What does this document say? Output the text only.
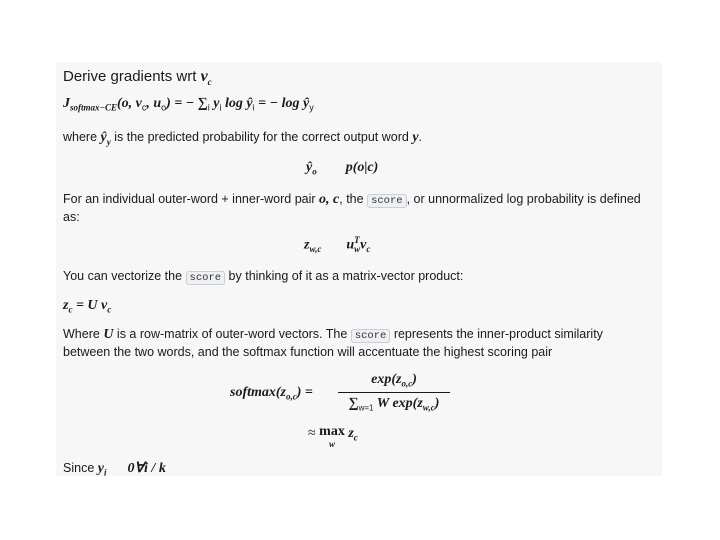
Derive gradients wrt $v_c$
$J_{softmax-CE}(o$, $v_c$, $u_o$) = − $\sum_i$ $y_i$ $\log ŷ_i$ = − $\log ŷ_y$
where $ŷ_y$ is the predicted probability for the correct output word y.
$ŷ_o$ p(o|c)
For an individual outer-word + inner-word pair o, c, the score , or unnormalized log probability is defined
as:
$z_{w,c}$ u T
w $v_c$
You can vectorize the score by thinking of it as a matrix-vector product:
$z_c = U$ $v_c$
Where U is a row-matrix of outer-word vectors. The score represents the inner-product similarity
between the two words, and the softmax function will accentuate the highest scoring pair
$softmax(z_{o,c})$ =
$\exp(z_{o,c})$
$\sum_{w=1}$ W $\exp(z_{w,c})$
≈ max
w
$z_c$
Since $y_i$ 0∀i / k
